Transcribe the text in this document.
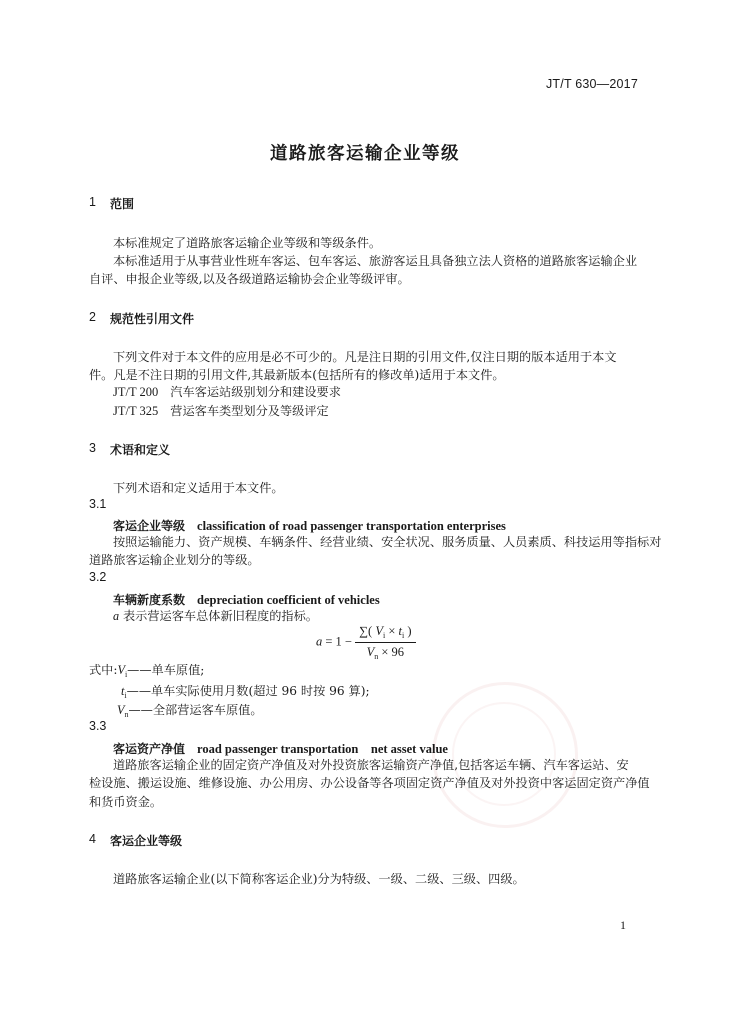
JT/T 630—2017
道路旅客运输企业等级
1 范围
本标准规定了道路旅客运输企业等级和等级条件。
本标准适用于从事营业性班车客运、包车客运、旅游客运且具备独立法人资格的道路旅客运输企业
自评、申报企业等级,以及各级道路运输协会企业等级评审。
2 规范性引用文件
下列文件对于本文件的应用是必不可少的。凡是注日期的引用文件,仅注日期的版本适用于本文
件。凡是不注日期的引用文件,其最新版本(包括所有的修改单)适用于本文件。
JT/T 200 汽车客运站级别划分和建设要求
JT/T 325 营运客车类型划分及等级评定
3 术语和定义
下列术语和定义适用于本文件。
3.1
客运企业等级 classification of road passenger transportation enterprises
按照运输能力、资产规模、车辆条件、经营业绩、安全状况、服务质量、人员素质、科技运用等指标对
道路旅客运输企业划分的等级。
3.2
车辆新度系数 depreciation coefficient of vehicles
a 表示营运客车总体新旧程度的指标。
$a = 1 - \frac{\sum( V_i \times t_i )}{V_n \times 96}$
式中$:V_i——$单车原值;
$t_i——$单车实际使用月数(超过 96 时按 96 算);
$V_n——$全部营运客车原值。
3.3
客运资产净值 road passenger transportation　net asset value
道路旅客运输企业的固定资产净值及对外投资旅客运输资产净值,包括客运车辆、汽车客运站、安
检设施、搬运设施、维修设施、办公用房、办公设备等各项固定资产净值及对外投资中客运固定资产净值
和货币资金。
4 客运企业等级
道路旅客运输企业(以下简称客运企业)分为特级、一级、二级、三级、四级。
1
